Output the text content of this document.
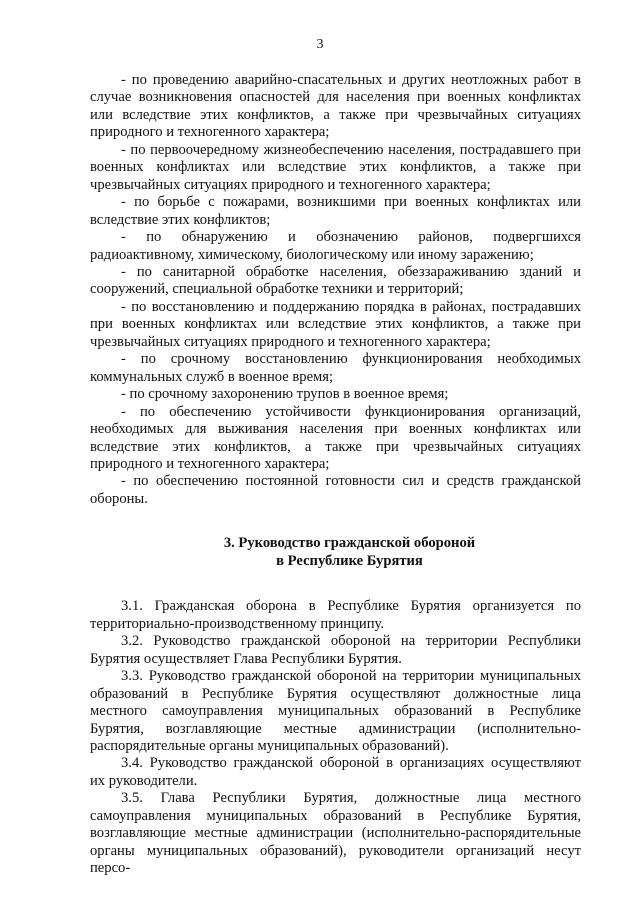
3

- по проведению аварийно-спасательных и других неотложных работ в случае возникновения опасностей для населения при военных конфликтах или вследствие этих конфликтов, а также при чрезвычайных ситуациях природного и техногенного характера;

- по первоочередному жизнеобеспечению населения, пострадавшего при военных конфликтах или вследствие этих конфликтов, а также при чрезвычайных ситуациях природного и техногенного характера;

- по борьбе с пожарами, возникшими при военных конфликтах или вследствие этих конфликтов;

- по обнаружению и обозначению районов, подвергшихся радиоактивному, химическому, биологическому или иному заражению;

- по санитарной обработке населения, обеззараживанию зданий и сооружений, специальной обработке техники и территорий;

- по восстановлению и поддержанию порядка в районах, пострадавших при военных конфликтах или вследствие этих конфликтов, а также при чрезвычайных ситуациях природного и техногенного характера;

- по срочному восстановлению функционирования необходимых коммунальных служб в военное время;

- по срочному захоронению трупов в военное время;

- по обеспечению устойчивости функционирования организаций, необходимых для выживания населения при военных конфликтах или вследствие этих конфликтов, а также при чрезвычайных ситуациях природного и техногенного характера;

- по обеспечению постоянной готовности сил и средств гражданской обороны.

3. Руководство гражданской обороной
в Республике Бурятия

3.1. Гражданская оборона в Республике Бурятия организуется по территориально-производственному принципу.

3.2. Руководство гражданской обороной на территории Республики Бурятия осуществляет Глава Республики Бурятия.

3.3. Руководство гражданской обороной на территории муниципальных образований в Республике Бурятия осуществляют должностные лица местного самоуправления муниципальных образований в Республике Бурятия, возглавляющие местные администрации (исполнительно-распорядительные органы муниципальных образований).

3.4. Руководство гражданской обороной в организациях осуществляют их руководители.

3.5. Глава Республики Бурятия, должностные лица местного самоуправления муниципальных образований в Республике Бурятия, возглавляющие местные администрации (исполнительно-распорядительные органы муниципальных образований), руководители организаций несут персо-
